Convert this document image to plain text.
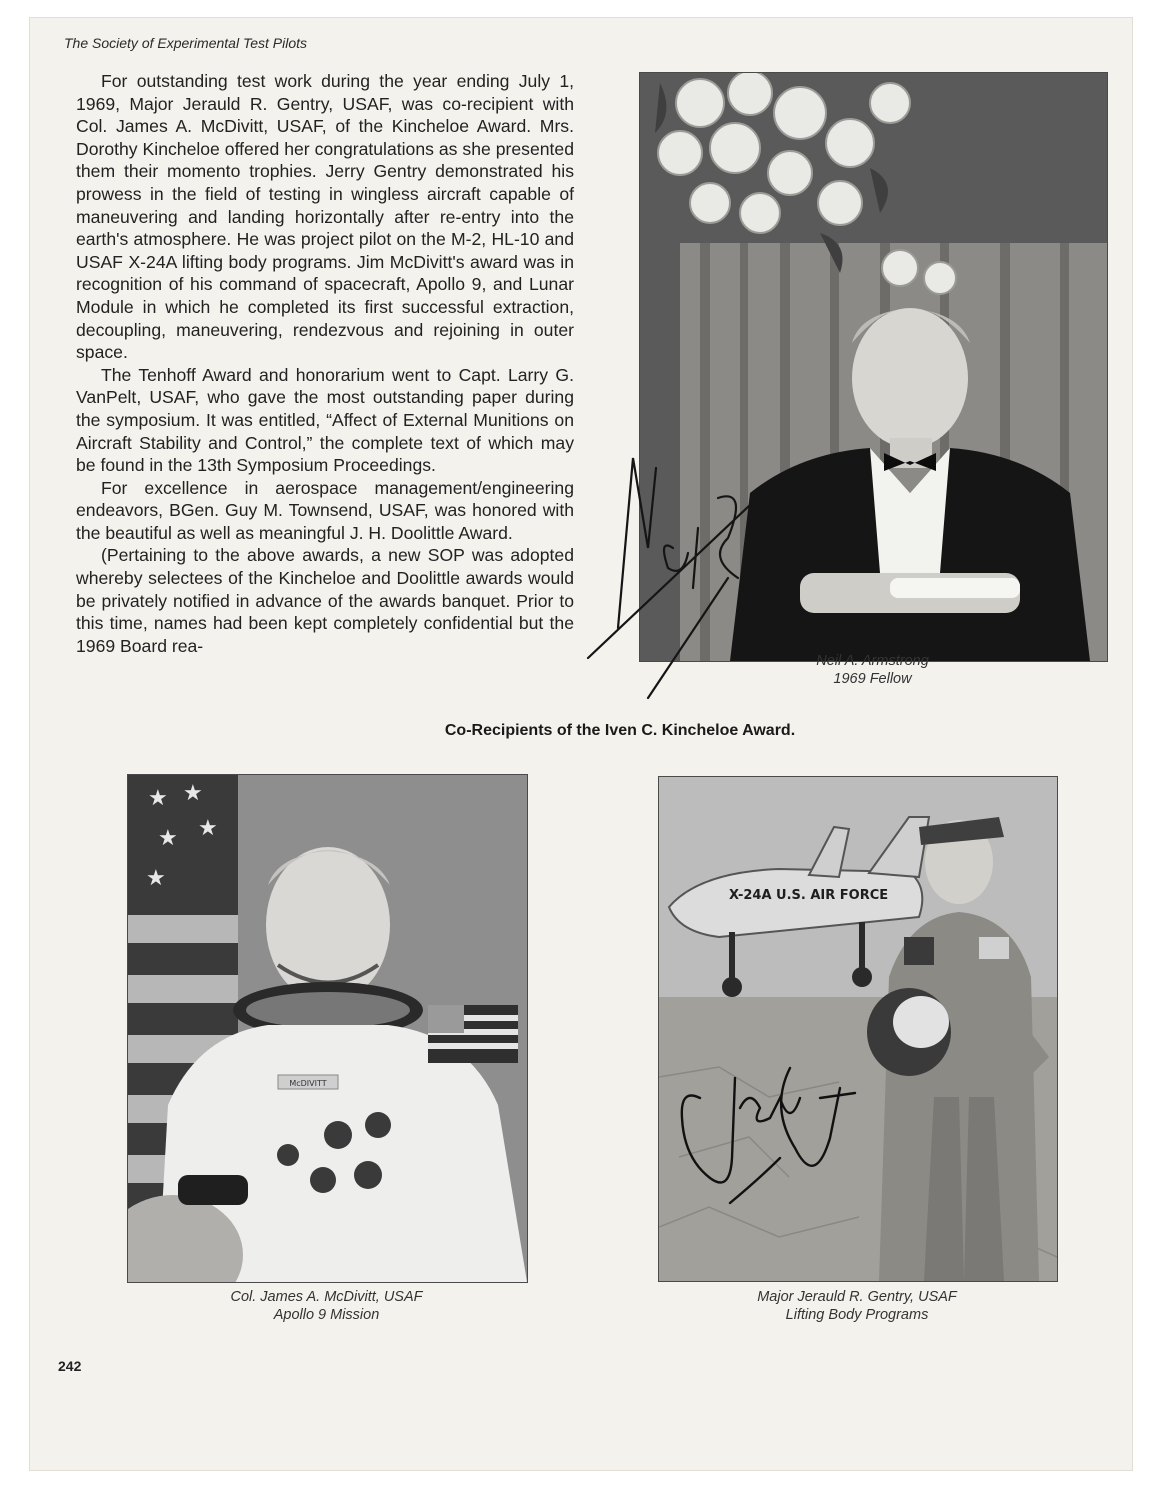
The Society of Experimental Test Pilots

For outstanding test work during the year ending July 1, 1969, Major Jerauld R. Gentry, USAF, was co-recipient with Col. James A. McDivitt, USAF, of the Kincheloe Award. Mrs. Dorothy Kincheloe offered her congratulations as she presented them their momento trophies. Jerry Gentry demonstrated his prowess in the field of testing in wingless aircraft capable of maneuvering and landing horizontally after re-entry into the earth's atmosphere. He was project pilot on the M-2, HL-10 and USAF X-24A lifting body programs. Jim McDivitt's award was in recognition of his command of spacecraft, Apollo 9, and Lunar Module in which he completed its first successful extraction, decoupling, maneuvering, rendezvous and rejoining in outer space.

The Tenhoff Award and honorarium went to Capt. Larry G. VanPelt, USAF, who gave the most outstanding paper during the symposium. It was entitled, “Affect of External Munitions on Aircraft Stability and Control,” the complete text of which may be found in the 13th Symposium Proceedings.

For excellence in aerospace management/engineering endeavors, BGen. Guy M. Townsend, USAF, was honored with the beautiful as well as meaningful J. H. Doolittle Award.

(Pertaining to the above awards, a new SOP was adopted whereby selectees of the Kincheloe and Doolittle awards would be privately notified in advance of the awards banquet. Prior to this time, names had been kept completely confidential but the 1969 Board rea-

Neil A. Armstrong
1969 Fellow
Co-Recipients of the Iven C. Kincheloe Award.
★ ★
★ ★
★
McDIVITT
Col. James A. McDivitt, USAF
Apollo 9 Mission
X-24A U.S. AIR FORCE
Major Jerauld R. Gentry, USAF
Lifting Body Programs
242
